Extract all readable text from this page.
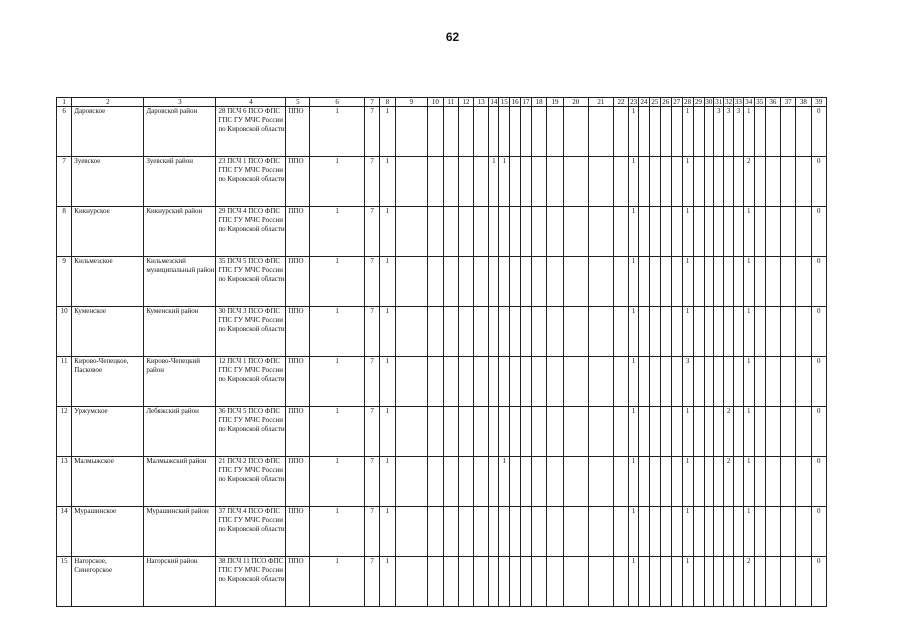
62
1	2	3	4	5	6	7	8	9	10	11	12	13	14	15	16	17	18	19	20	21	22	23	24	25	26	27	28	29	30	31	32	33	34	35	36	37	38	39
6	Даровское	Даровской район	28 ПСЧ 6 ПСО ФПС ГПС ГУ МЧС России по Кировской области	ППО	1	7	1															1					1			3	3	3	1					0
7	Зуевское	Зуевский район	23 ПСЧ 1 ПСО ФПС ГПС ГУ МЧС России по Кировской области	ППО	1	7	1						1	1								1					1						2					0
8	Кикнурское	Кикнурский район	29 ПСЧ 4 ПСО ФПС ГПС ГУ МЧС России по Кировской области	ППО	1	7	1															1					1						1					0
9	Кильмезское	Кильмезский муниципальный район	35 ПСЧ 5 ПСО ФПС ГПС ГУ МЧС России по Кировской области	ППО	1	7	1															1					1						1					0
10	Куменское	Куменский район	30 ПСЧ 3 ПСО ФПС ГПС ГУ МЧС России по Кировской области	ППО	1	7	1															1					1						1					0
11	Кирово-Чепецкое, Пасковое	Кирово-Чепецкий район	12 ПСЧ 1 ПСО ФПС ГПС ГУ МЧС России по Кировской области	ППО	1	7	1															1					3						1					0
12	Уржумское	Лебяжский район	36 ПСЧ 5 ПСО ФПС ГПС ГУ МЧС России по Кировской области	ППО	1	7	1															1					1				2		1					0
13	Малмыжское	Малмыжский район	21 ПСЧ 2 ПСО ФПС ГПС ГУ МЧС России по Кировской области	ППО	1	7	1							1								1					1				2		1					0
14	Мурашинское	Мурашинский район	37 ПСЧ 4 ПСО ФПС ГПС ГУ МЧС России по Кировской области	ППО	1	7	1															1					1						1					0
15	Нагорское, Синегорское	Нагорский район	38 ПСЧ 11 ПСО ФПС ГПС ГУ МЧС России по Кировской области	ППО	1	7	1															1					1						2					0
